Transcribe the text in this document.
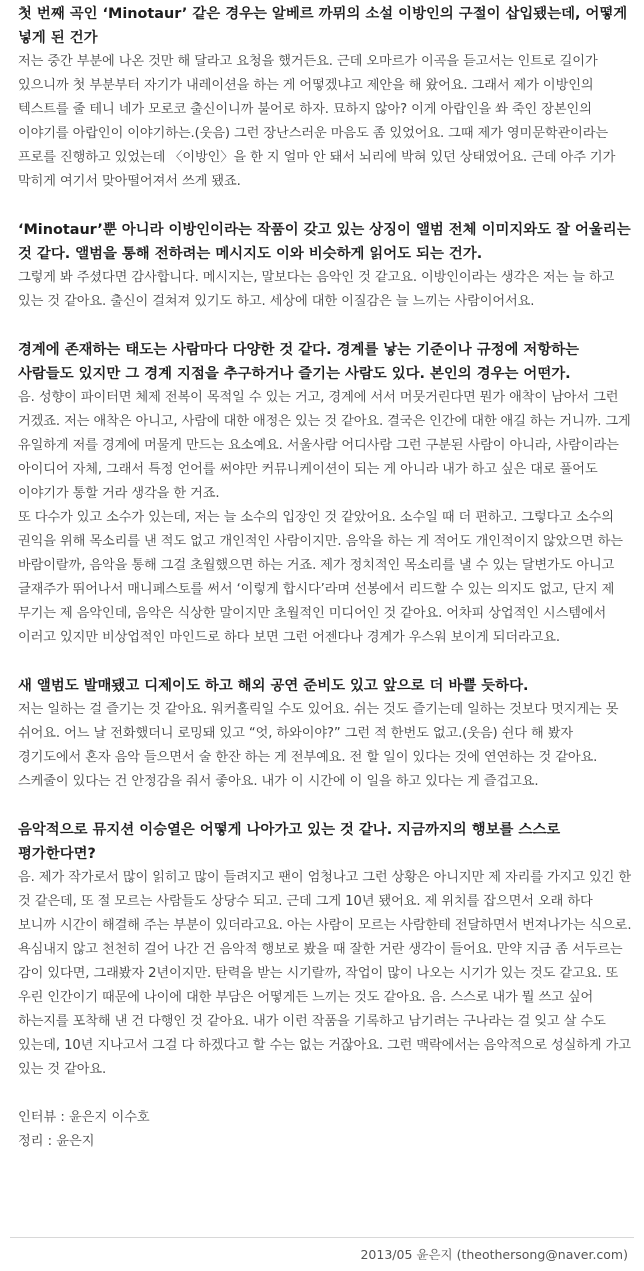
첫 번째 곡인 ‘Minotaur’ 같은 경우는 알베르 까뮈의 소설 이방인의 구절이 삽입됐는데, 어떻게 넣게 된 건가

저는 중간 부분에 나온 것만 해 달라고 요청을 했거든요. 근데 오마르가 이곡을 듣고서는 인트로 길이가 있으니까 첫 부분부터 자기가 내레이션을 하는 게 어떻겠냐고 제안을 해 왔어요. 그래서 제가 이방인의 텍스트를 줄 테니 네가 모로코 출신이니까 불어로 하자. 묘하지 않아? 이게 아랍인을 쏴 죽인 장본인의 이야기를 아랍인이 이야기하는.(웃음) 그런 장난스러운 마음도 좀 있었어요. 그때 제가 영미문학관이라는 프로를 진행하고 있었는데 〈이방인〉을 한 지 얼마 안 돼서 뇌리에 박혀 있던 상태였어요. 근데 아주 기가 막히게 여기서 맞아떨어져서 쓰게 됐죠.

‘Minotaur’뿐 아니라 이방인이라는 작품이 갖고 있는 상징이 앨범 전체 이미지와도 잘 어울리는 것 같다. 앨범을 통해 전하려는 메시지도 이와 비슷하게 읽어도 되는 건가.

그렇게 봐 주셨다면 감사합니다. 메시지는, 말보다는 음악인 것 같고요. 이방인이라는 생각은 저는 늘 하고 있는 것 같아요. 출신이 걸쳐져 있기도 하고. 세상에 대한 이질감은 늘 느끼는 사람이어서요.

경계에 존재하는 태도는 사람마다 다양한 것 같다. 경계를 낳는 기준이나 규정에 저항하는 사람들도 있지만 그 경계 지점을 추구하거나 즐기는 사람도 있다. 본인의 경우는 어떤가.

음. 성향이 파이터면 체제 전복이 목적일 수 있는 거고, 경계에 서서 머뭇거린다면 뭔가 애착이 남아서 그런 거겠죠. 저는 애착은 아니고, 사람에 대한 애정은 있는 것 같아요. 결국은 인간에 대한 애길 하는 거니까. 그게 유일하게 저를 경계에 머물게 만드는 요소예요. 서울사람 어디사람 그런 구분된 사람이 아니라, 사람이라는 아이디어 자체, 그래서 특정 언어를 써야만 커뮤니케이션이 되는 게 아니라 내가 하고 싶은 대로 풀어도 이야기가 통할 거라 생각을 한 거죠.

또 다수가 있고 소수가 있는데, 저는 늘 소수의 입장인 것 같았어요. 소수일 때 더 편하고. 그렇다고 소수의 권익을 위해 목소리를 낸 적도 없고 개인적인 사람이지만. 음악을 하는 게 적어도 개인적이지 않았으면 하는 바람이랄까, 음악을 통해 그걸 초월했으면 하는 거죠. 제가 정치적인 목소리를 낼 수 있는 달변가도 아니고 글재주가 뛰어나서 매니페스토를 써서 ‘이렇게 합시다’라며 선봉에서 리드할 수 있는 의지도 없고, 단지 제 무기는 제 음악인데, 음악은 식상한 말이지만 초월적인 미디어인 것 같아요. 어차피 상업적인 시스템에서 이러고 있지만 비상업적인 마인드로 하다 보면 그런 어젠다나 경계가 우스워 보이게 되더라고요.

새 앨범도 발매됐고 디제이도 하고 해외 공연 준비도 있고 앞으로 더 바쁠 듯하다.

저는 일하는 걸 즐기는 것 같아요. 워커홀릭일 수도 있어요. 쉬는 것도 즐기는데 일하는 것보다 멋지게는 못 쉬어요. 어느 날 전화했더니 로밍돼 있고 “엇, 하와이야?” 그런 적 한번도 없고.(웃음) 쉰다 해 봤자 경기도에서 혼자 음악 들으면서 술 한잔 하는 게 전부예요. 전 할 일이 있다는 것에 연연하는 것 같아요. 스케줄이 있다는 건 안정감을 줘서 좋아요. 내가 이 시간에 이 일을 하고 있다는 게 즐겁고요.

음악적으로 뮤지션 이승열은 어떻게 나아가고 있는 것 같나. 지금까지의 행보를 스스로 평가한다면?

음. 제가 작가로서 많이 읽히고 많이 들려지고 팬이 엄청나고 그런 상황은 아니지만 제 자리를 가지고 있긴 한 것 같은데, 또 절 모르는 사람들도 상당수 되고. 근데 그게 10년 됐어요. 제 위치를 잡으면서 오래 하다 보니까 시간이 해결해 주는 부분이 있더라고요. 아는 사람이 모르는 사람한테 전달하면서 번져나가는 식으로. 욕심내지 않고 천천히 걸어 나간 건 음악적 행보로 봤을 때 잘한 거란 생각이 들어요. 만약 지금 좀 서두르는 감이 있다면, 그래봤자 2년이지만. 탄력을 받는 시기랄까, 작업이 많이 나오는 시기가 있는 것도 같고요. 또 우린 인간이기 때문에 나이에 대한 부담은 어떻게든 느끼는 것도 같아요. 음. 스스로 내가 뭘 쓰고 싶어 하는지를 포착해 낸 건 다행인 것 같아요. 내가 이런 작품을 기록하고 남기려는 구나라는 걸 잊고 살 수도 있는데, 10년 지나고서 그걸 다 하겠다고 할 수는 없는 거잖아요. 그런 맥락에서는 음악적으로 성실하게 가고 있는 것 같아요.

인터뷰 : 윤은지 이수호
정리 : 윤은지
2013/05 윤은지 (theothersong@naver.com)
